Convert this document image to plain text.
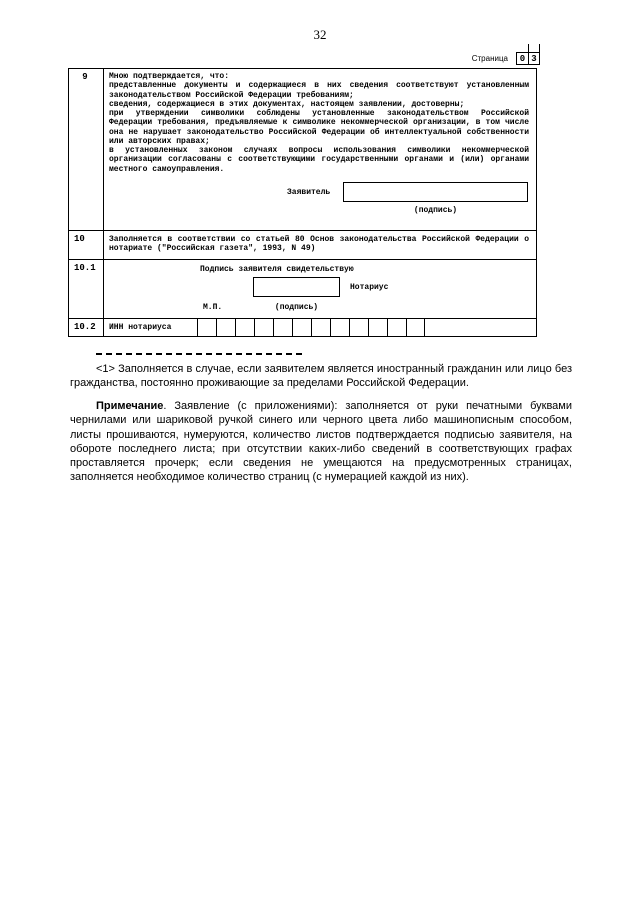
32
Страница	0 3
9	Мною подтверждается, что:
представленные документы и содержащиеся в них сведения соответствуют установленным законодательством Российской Федерации требованиям;
сведения, содержащиеся в этих документах, настоящем заявлении, достоверны;
при утверждении символики соблюдены установленные законодательством Российской Федерации требования, предъявляемые к символике некоммерческой организации, в том числе она не нарушает законодательство Российской Федерации об интеллектуальной собственности или авторских правах;
в установленных законом случаях вопросы использования символики некоммерческой организации согласованы с соответствующими государственными органами и (или) органами местного самоуправления.
Заявитель
(подпись)
10	Заполняется в соответствии со статьей 80 Основ законодательства Российской Федерации о нотариате ("Российская газета", 1993, N 49)
10.1	Подпись заявителя свидетельствую
Нотариус
М.П.	(подпись)
10.2	ИНН нотариуса

<1> Заполняется в случае, если заявителем является иностранный гражданин или лицо без гражданства, постоянно проживающие за пределами Российской Федерации.

Примечание. Заявление (с приложениями): заполняется от руки печатными буквами чернилами или шариковой ручкой синего или черного цвета либо машинописным способом, листы прошиваются, нумеруются, количество листов подтверждается подписью заявителя, на обороте последнего листа; при отсутствии каких-либо сведений в соответствующих графах проставляется прочерк; если сведения не умещаются на предусмотренных страницах, заполняется необходимое количество страниц (с нумерацией каждой из них).
